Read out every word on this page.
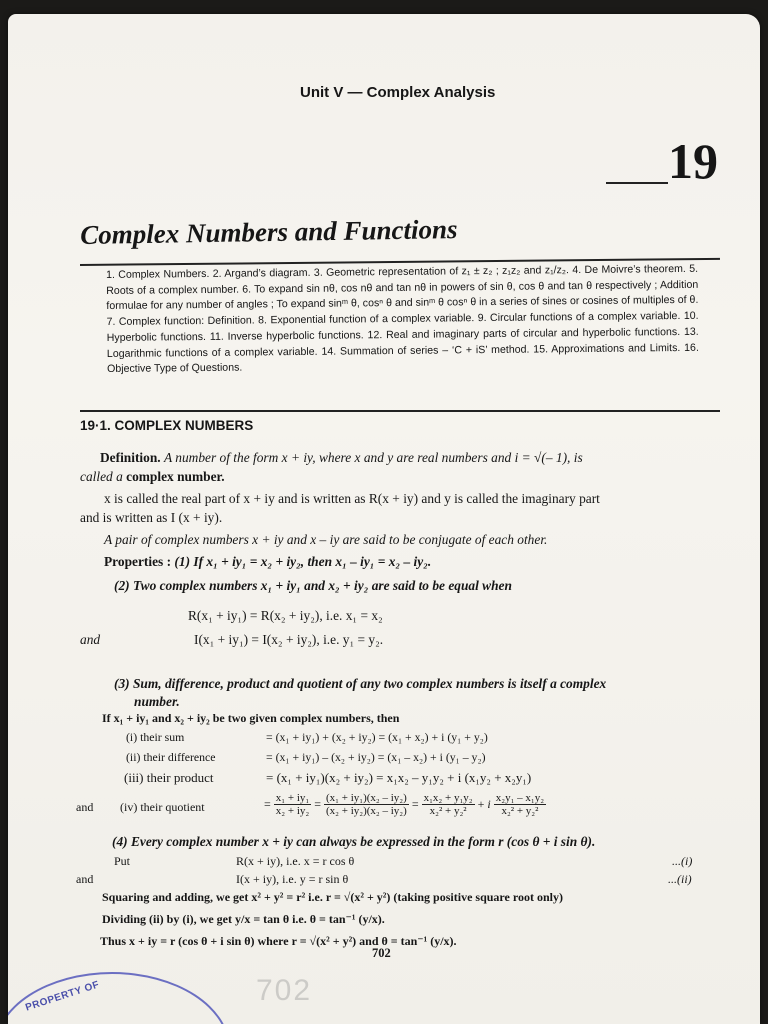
Unit V — Complex Analysis
19
Complex Numbers and Functions
1. Complex Numbers. 2. Argand’s diagram. 3. Geometric representation of z₁ ± z₂ ; z₁z₂ and z₁/z₂. 4. De Moivre’s theorem. 5. Roots of a complex number. 6. To expand sin nθ, cos nθ and tan nθ in powers of sin θ, cos θ and tan θ respectively ; Addition formulae for any number of angles ; To expand sinᵐ θ, cosⁿ θ and sinᵐ θ cosⁿ θ in a series of sines or cosines of multiples of θ. 7. Complex function: Definition. 8. Exponential function of a complex variable. 9. Circular functions of a complex variable. 10. Hyperbolic functions. 11. Inverse hyperbolic functions. 12. Real and imaginary parts of circular and hyperbolic functions. 13. Logarithmic functions of a complex variable. 14. Summation of series – ‘C + iS’ method. 15. Approximations and Limits. 16. Objective Type of Questions.
19·1. COMPLEX NUMBERS
Definition. A number of the form x + iy, where x and y are real numbers and i = √(– 1), is
called a complex number.
x is called the real part of x + iy and is written as R(x + iy) and y is called the imaginary part
and is written as I (x + iy).
A pair of complex numbers x + iy and x – iy are said to be conjugate of each other.
Properties : (1) If x₁ + iy₁ = x₂ + iy₂, then x₁ – iy₁ = x₂ – iy₂.
(2) Two complex numbers x₁ + iy₁ and x₂ + iy₂ are said to be equal when
R(x₁ + iy₁) = R(x₂ + iy₂), i.e. x₁ = x₂
and	I(x₁ + iy₁) = I(x₂ + iy₂), i.e. y₁ = y₂.
(3) Sum, difference, product and quotient of any two complex numbers is itself a complex
number.
If x₁ + iy₁ and x₂ + iy₂ be two given complex numbers, then
(i) their sum	= (x₁ + iy₁) + (x₂ + iy₂) = (x₁ + x₂) + i (y₁ + y₂)
(ii) their difference	= (x₁ + iy₁) – (x₂ + iy₂) = (x₁ – x₂) + i (y₁ – y₂)
(iii) their product	= (x₁ + iy₁)(x₂ + iy₂) = x₁x₂ – y₁y₂ + i (x₁y₂ + x₂y₁)
and (iv) their quotient	= $\frac{\text{x₁ + iy₁}}{\text{x₂ + iy₂}} = \frac{\text{(x₁ + iy₁)(x₂ – iy₂)}}{\text{(x₂ + iy₂)(x₂ – iy₂)}} = \frac{\text{x₁x₂ + y₁y₂}}{\text{x₂² + y₂²}} + i \frac{\text{x₂y₁ – x₁y₂}}{\text{x₂² + y₂²}}$
(4) Every complex number x + iy can always be expressed in the form r (cos θ + i sin θ).
Put	R(x + iy), i.e. x = r cos θ	...(i)
and	I(x + iy), i.e. y = r sin θ	...(ii)
Squaring and adding, we get x² + y² = r² i.e. r = √(x² + y²) (taking positive square root only)
Dividing (ii) by (i), we get y/x = tan θ i.e. θ = tan⁻¹ (y/x).
Thus x + iy = r (cos θ + i sin θ) where r = √(x² + y²) and θ = tan⁻¹ (y/x).
702
702
PROPERTY OF
